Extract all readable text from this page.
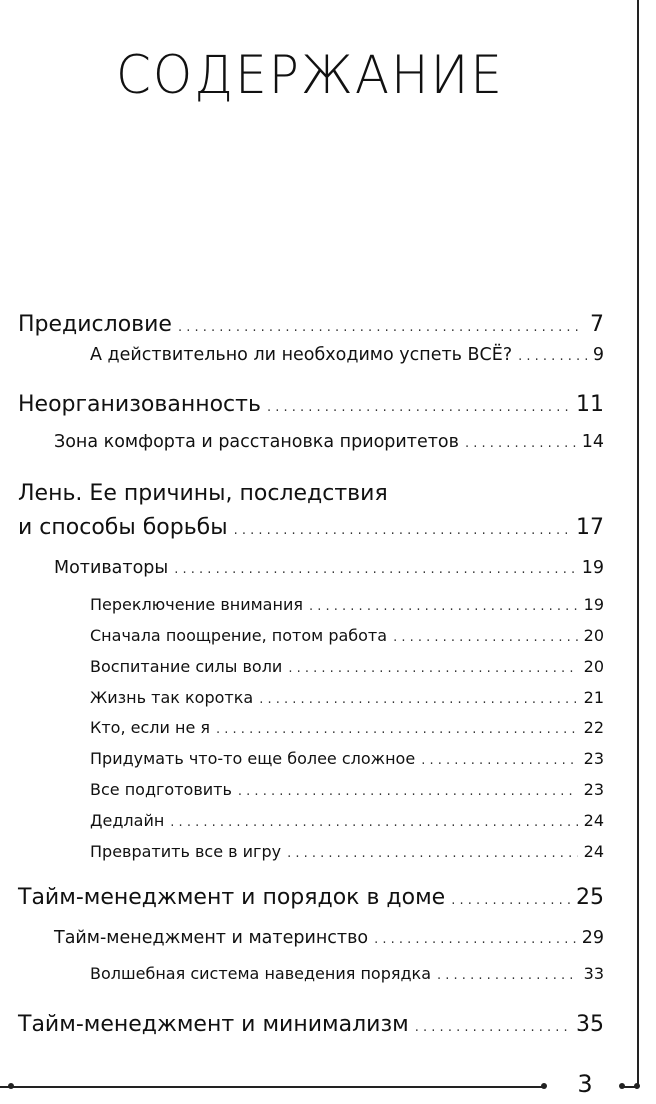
СОДЕРЖАНИЕ
Предисловие . . .	7
А действительно ли необходимо успеть ВСЁ? . . .	9
Неорганизованность . . .	11
Зона комфорта и расстановка приоритетов . . .	14
Лень. Ее причины, последствия
и способы борьбы . . .	17
Мотиваторы . . .	19
Переключение внимания . . .	19
Сначала поощрение, потом работа . . .	20
Воспитание силы воли . . .	20
Жизнь так коротка . . .	21
Кто, если не я . . .	22
Придумать что-то еще более сложное . . .	23
Все подготовить . . .	23
Дедлайн . . .	24
Превратить все в игру . . .	24
Тайм-менеджмент и порядок в доме . . .	25
Тайм-менеджмент и материнство . . .	29
Волшебная система наведения порядка . . .	33
Тайм-менеджмент и минимализм . . .	35
3
